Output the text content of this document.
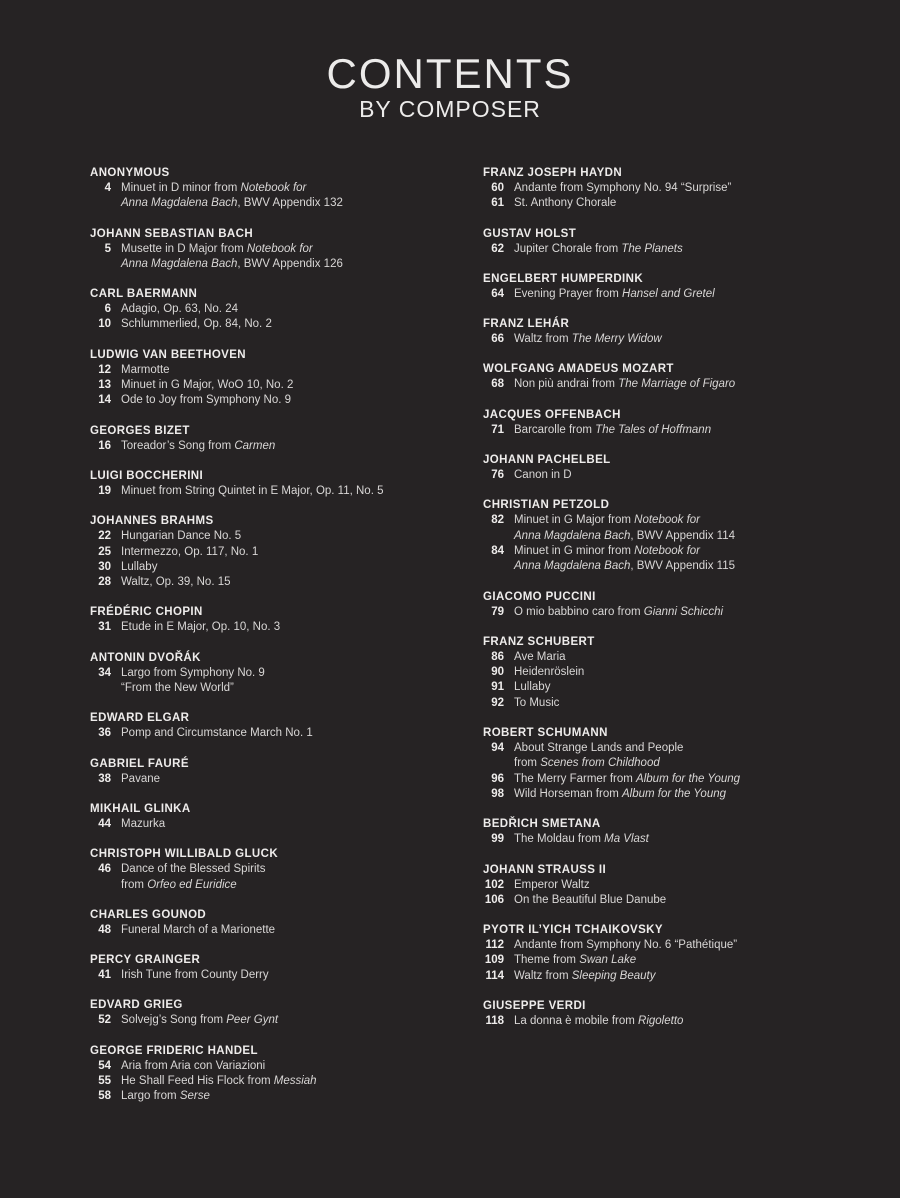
CONTENTS
BY COMPOSER
ANONYMOUS
4 Minuet in D minor from Notebook for
Anna Magdalena Bach, BWV Appendix 132
JOHANN SEBASTIAN BACH
5 Musette in D Major from Notebook for
Anna Magdalena Bach, BWV Appendix 126
CARL BAERMANN
6 Adagio, Op. 63, No. 24
10 Schlummerlied, Op. 84, No. 2
LUDWIG VAN BEETHOVEN
12 Marmotte
13 Minuet in G Major, WoO 10, No. 2
14 Ode to Joy from Symphony No. 9
GEORGES BIZET
16 Toreador’s Song from Carmen
LUIGI BOCCHERINI
19 Minuet from String Quintet in E Major, Op. 11, No. 5
JOHANNES BRAHMS
22 Hungarian Dance No. 5
25 Intermezzo, Op. 117, No. 1
30 Lullaby
28 Waltz, Op. 39, No. 15
FRÉDÉRIC CHOPIN
31 Etude in E Major, Op. 10, No. 3
ANTONIN DVOŘÁK
34 Largo from Symphony No. 9
“From the New World”
EDWARD ELGAR
36 Pomp and Circumstance March No. 1
GABRIEL FAURÉ
38 Pavane
MIKHAIL GLINKA
44 Mazurka
CHRISTOPH WILLIBALD GLUCK
46 Dance of the Blessed Spirits
from Orfeo ed Euridice
CHARLES GOUNOD
48 Funeral March of a Marionette
PERCY GRAINGER
41 Irish Tune from County Derry
EDVARD GRIEG
52 Solvejg’s Song from Peer Gynt
GEORGE FRIDERIC HANDEL
54 Aria from Aria con Variazioni
55 He Shall Feed His Flock from Messiah
58 Largo from Serse
FRANZ JOSEPH HAYDN
60 Andante from Symphony No. 94 “Surprise”
61 St. Anthony Chorale
GUSTAV HOLST
62 Jupiter Chorale from The Planets
ENGELBERT HUMPERDINK
64 Evening Prayer from Hansel and Gretel
FRANZ LEHÁR
66 Waltz from The Merry Widow
WOLFGANG AMADEUS MOZART
68 Non più andrai from The Marriage of Figaro
JACQUES OFFENBACH
71 Barcarolle from The Tales of Hoffmann
JOHANN PACHELBEL
76 Canon in D
CHRISTIAN PETZOLD
82 Minuet in G Major from Notebook for
Anna Magdalena Bach, BWV Appendix 114
84 Minuet in G minor from Notebook for
Anna Magdalena Bach, BWV Appendix 115
GIACOMO PUCCINI
79 O mio babbino caro from Gianni Schicchi
FRANZ SCHUBERT
86 Ave Maria
90 Heidenröslein
91 Lullaby
92 To Music
ROBERT SCHUMANN
94 About Strange Lands and People
from Scenes from Childhood
96 The Merry Farmer from Album for the Young
98 Wild Horseman from Album for the Young
BEDŘICH SMETANA
99 The Moldau from Ma Vlast
JOHANN STRAUSS II
102 Emperor Waltz
106 On the Beautiful Blue Danube
PYOTR IL’YICH TCHAIKOVSKY
112 Andante from Symphony No. 6 “Pathétique”
109 Theme from Swan Lake
114 Waltz from Sleeping Beauty
GIUSEPPE VERDI
118 La donna è mobile from Rigoletto
